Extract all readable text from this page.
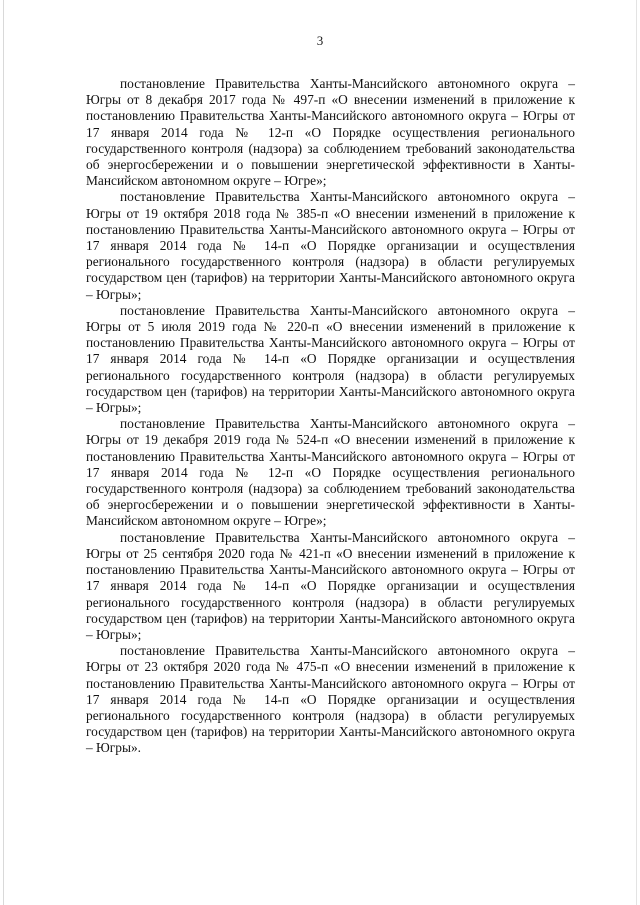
3

постановление Правительства Ханты-Мансийского автономного округа – Югры от 8 декабря 2017 года № 497-п «О внесении изменений в приложение к постановлению Правительства Ханты-Мансийского автономного округа – Югры от 17 января 2014 года № 12-п «О Порядке осуществления регионального государственного контроля (надзора) за соблюдением требований законодательства об энергосбережении и о повышении энергетической эффективности в Ханты-Мансийском автономном округе – Югре»;

постановление Правительства Ханты-Мансийского автономного округа – Югры от 19 октября 2018 года № 385-п «О внесении изменений в приложение к постановлению Правительства Ханты-Мансийского автономного округа – Югры от 17 января 2014 года № 14-п «О Порядке организации и осуществления регионального государственного контроля (надзора) в области регулируемых государством цен (тарифов) на территории Ханты-Мансийского автономного округа – Югры»;

постановление Правительства Ханты-Мансийского автономного округа – Югры от 5 июля 2019 года № 220-п «О внесении изменений в приложение к постановлению Правительства Ханты-Мансийского автономного округа – Югры от 17 января 2014 года № 14-п «О Порядке организации и осуществления регионального государственного контроля (надзора) в области регулируемых государством цен (тарифов) на территории Ханты-Мансийского автономного округа – Югры»;

постановление Правительства Ханты-Мансийского автономного округа – Югры от 19 декабря 2019 года № 524-п «О внесении изменений в приложение к постановлению Правительства Ханты-Мансийского автономного округа – Югры от 17 января 2014 года № 12-п «О Порядке осуществления регионального государственного контроля (надзора) за соблюдением требований законодательства об энергосбережении и о повышении энергетической эффективности в Ханты-Мансийском автономном округе – Югре»;

постановление Правительства Ханты-Мансийского автономного округа – Югры от 25 сентября 2020 года № 421-п «О внесении изменений в приложение к постановлению Правительства Ханты-Мансийского автономного округа – Югры от 17 января 2014 года № 14-п «О Порядке организации и осуществления регионального государственного контроля (надзора) в области регулируемых государством цен (тарифов) на территории Ханты-Мансийского автономного округа – Югры»;

постановление Правительства Ханты-Мансийского автономного округа – Югры от 23 октября 2020 года № 475-п «О внесении изменений в приложение к постановлению Правительства Ханты-Мансийского автономного округа – Югры от 17 января 2014 года № 14-п «О Порядке организации и осуществления регионального государственного контроля (надзора) в области регулируемых государством цен (тарифов) на территории Ханты-Мансийского автономного округа – Югры».
